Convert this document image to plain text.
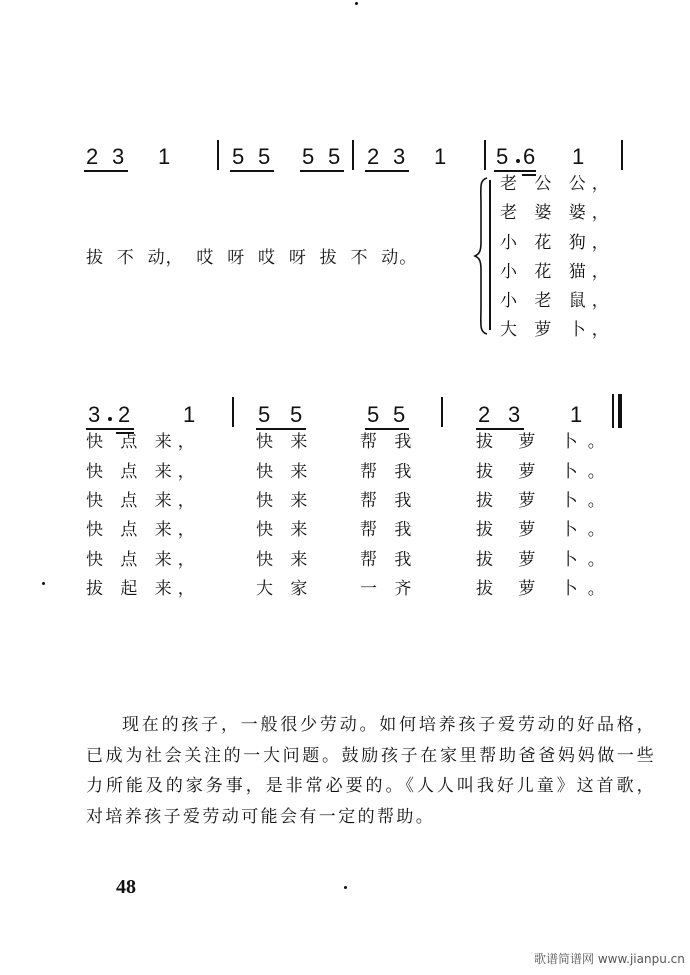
2 3 1	5 5 5 5 2 3 1 5 6 1
拔  不  动，  哎  呀  哎  呀  拔  不  动。
老 公 公，
老 婆 婆，
小 花 狗，
小 花 猫，
小 老 鼠，
大 萝 卜，
3 2 1	5 5	5 5	2 3 1
快 点 来，	快 来	帮 我	拔 萝 卜。
快 点 来，	快 来	帮 我	拔 萝 卜。
快 点 来，	快 来	帮 我	拔 萝 卜。
快 点 来，	快 来	帮 我	拔 萝 卜。
快 点 来，	快 来	帮 我	拔 萝 卜。
拔 起 来，	大 家	一 齐	拔 萝 卜。
现在的孩子，一般很少劳动。如何培养孩子爱劳动的好品格，已成为社会关注的一大问题。鼓励孩子在家里帮助爸爸妈妈做一些力所能及的家务事，是非常必要的。《人人叫我好儿童》这首歌，对培养孩子爱劳动可能会有一定的帮助。
48
歌谱简谱网 www.jianpu.cn
